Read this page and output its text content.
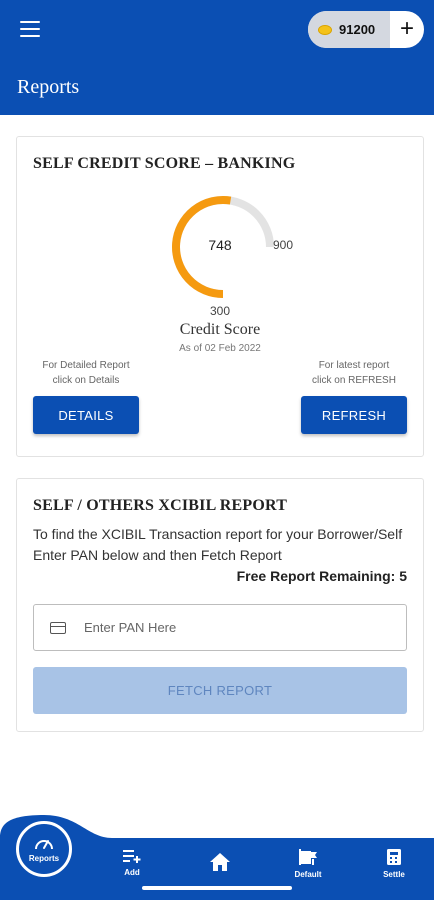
91200	+
Reports
SELF CREDIT SCORE – BANKING
748	900
300
Credit Score
As of 02 Feb 2022
For Detailed Report
click on Details
For latest report
click on REFRESH
DETAILS	REFRESH
SELF / OTHERS XCIBIL REPORT
To find the XCIBIL Transaction report for your Borrower/Self Enter PAN below and then Fetch Report
Free Report Remaining: 5
Enter PAN Here
FETCH REPORT
Reports
Add	Default	Settle
